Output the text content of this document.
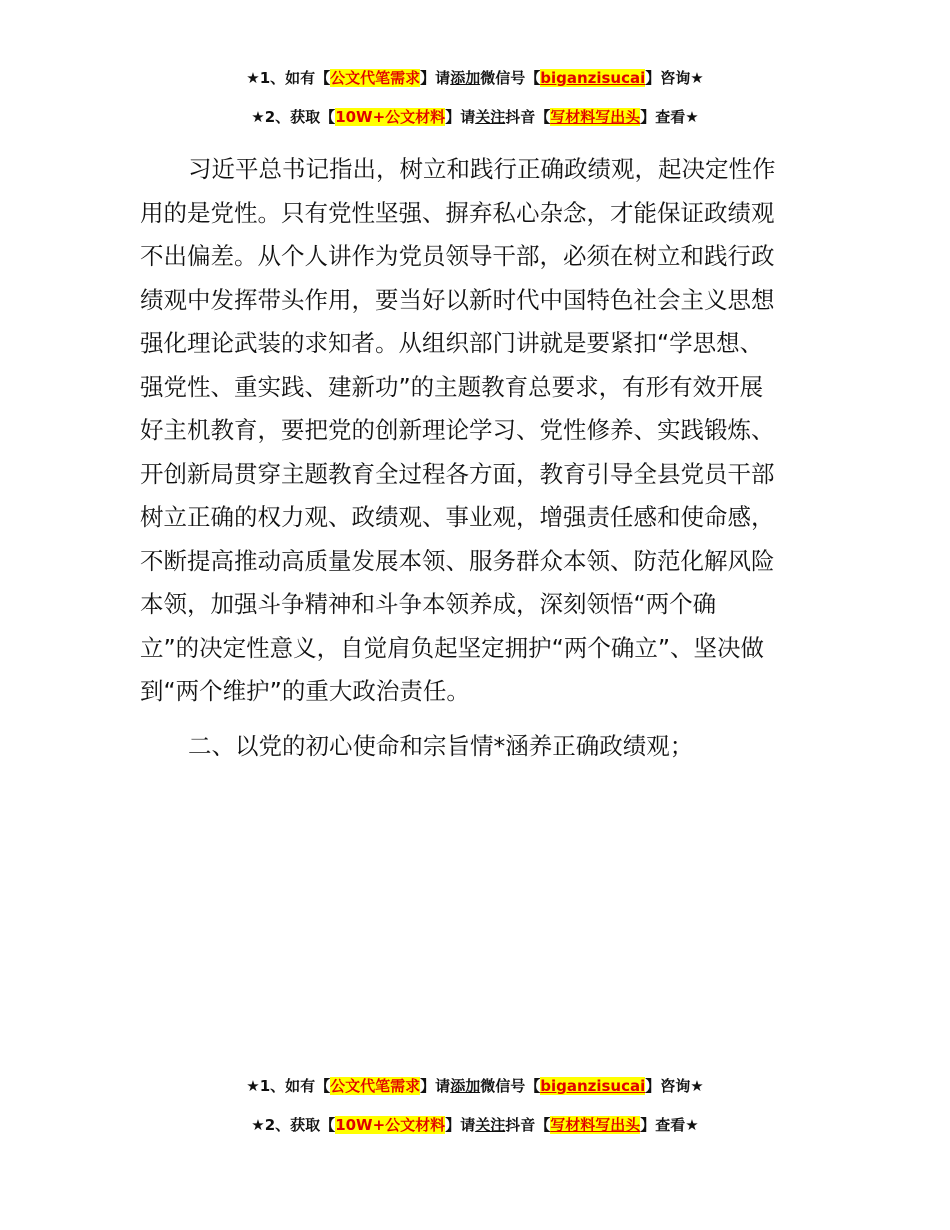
★1、如有【公文代笔需求】请添加微信号【biganzisucai】咨询★
★2、获取【10W+公文材料】请关注抖音【写材料写出头】查看★
习近平总书记指出，树立和践行正确政绩观，起决定性作
用的是党性。只有党性坚强、摒弃私心杂念，才能保证政绩观
不出偏差。从个人讲作为党员领导干部，必须在树立和践行政
绩观中发挥带头作用，要当好以新时代中国特色社会主义思想
强化理论武装的求知者。从组织部门讲就是要紧扣“学思想、
强党性、重实践、建新功”的主题教育总要求，有形有效开展
好主机教育，要把党的创新理论学习、党性修养、实践锻炼、
开创新局贯穿主题教育全过程各方面，教育引导全县党员干部
树立正确的权力观、政绩观、事业观，增强责任感和使命感，
不断提高推动高质量发展本领、服务群众本领、防范化解风险
本领，加强斗争精神和斗争本领养成，深刻领悟“两个确
立”的决定性意义，自觉肩负起坚定拥护“两个确立”、坚决做
到“两个维护”的重大政治责任。
二、以党的初心使命和宗旨情*涵养正确政绩观；
★1、如有【公文代笔需求】请添加微信号【biganzisucai】咨询★
★2、获取【10W+公文材料】请关注抖音【写材料写出头】查看★
